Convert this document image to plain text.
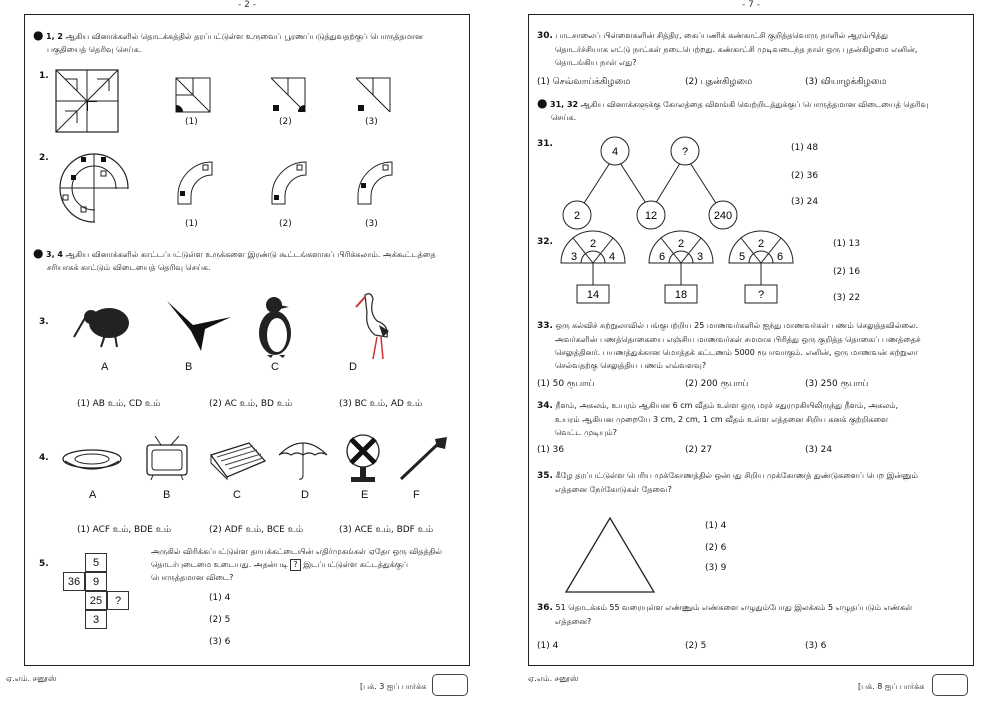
- 2 -
● 1, 2 ஆகிய வினாக்களில் தொடக்கத்தில் தரப்பட்டுள்ள உருவைப் பூரணப்படுத்துவதற்குப் பொருத்தமான
பகுதியைத் தெரிவு செய்க.
1.
(1)	(2)	(3)
2.
(1)	(2)	(3)
● 3, 4 ஆகிய வினாக்களில் காட்டப்பட்டுள்ள உருக்களை இரண்டு கூட்டங்களாகப் பிரிக்கலாம். அக்கூட்டத்தை
சரியாகக் காட்டும் விடையைத் தெரிவு செய்க.
3.
A	B	C	D
(1) AB உம், CD உம்	(2) AC உம், BD உம்	(3) BC உம், AD உம்
4.
A	B	C	D	E	F
(1) ACF உம், BDE உம்	(2) ADF உம், BCE உம்	(3) ACE உம், BDF உம்
5.	5
36	9
25	?
3
அருகில் விரிக்கப்பட்டுள்ள தாயக்கட்டையின் எதிர்முகங்கள் ஏதோ ஒரு விதத்தில்
தொடர்புடைமை உடையது. அதன்படி ? இடப்பட்டுள்ள கட்டத்துக்குப்
பொருத்தமான விடை?
(1) 4
(2) 5
(3) 6
ஏ.எம். சனூஸ்
[பக். 3 ஐப் பார்க்க
- 7 -
30. பாடசாலைப் பிள்ளைகளின் சித்திர, கைப்பணிக் கண்காட்சி குறித்தவொரு நாளில் ஆரம்பித்து
தொடர்ச்சியாக எட்டு நாட்கள் நடைபெற்றது. கண்காட்சி முடிவடைந்த நாள் ஒரு புதன்கிழமை எனின்,
தொடங்கிய நாள் எது?
(1) செவ்வாய்க்கிழமை	(2) புதன்கிழமை	(3) வியாழக்கிழமை
● 31, 32 ஆகிய வினாக்களுக்கு கோலத்தை விளங்கி வெற்றிடத்துக்குப் பொருத்தமான விடையைத் தெரிவு
செய்க.
31.
4	?
2	12	240
(1) 48
(2) 36
(3) 24
32.
3
2
4
14
6
2
3
18
5
2
6
?
(1) 13
(2) 16
(3) 22
33. ஒரு கல்விச் சுற்றுலாவில் பங்குபற்றிய 25 மாணவர்களில் ஐந்து மாணவர்கள் பணம் செலுத்தவில்லை.
அவர்களின் பணத்தொகையை எஞ்சிய மாணவர்கள் சமமாக பிரித்து ஒரு குறித்த தொகைப் பணத்தைச்
செலுத்தினர். பயணத்துக்கான மொத்தக் கட்டணம் 5000 ரூபாவாகும். எனின், ஒரு மாணவன் சுற்றுலா
செல்வதற்கு செலுத்திய பணம் எவ்வளவு?
(1) 50 ரூபாய்	(2) 200 ரூபாய்	(3) 250 ரூபாய்
34. நீளம், அகலம், உயரம் ஆகியன 6 cm வீதம் உள்ள ஒரு மரச் சதுரமுகியிலிருந்து நீளம், அகலம்,
உயரம் ஆகியன முறையே 3 cm, 2 cm, 1 cm வீதம் உள்ள எத்தனை சிறிய கனக் குற்றிகளை
வெட்ட முடியும்?
(1) 36	(2) 27	(3) 24
35. கீழே தரப்பட்டுள்ள பெரிய முக்கோணத்தில் ஒன்பது சிறிய முக்கோணத் துண்டுகளைப் பெற இன்னும்
எத்தனை நேர்கோடுகள் தேவை?
(1) 4
(2) 6
(3) 9
36. 51 தொடக்கம் 55 வரையுள்ள எண்ணும் எண்களை எழுதும்போது இலக்கம் 5 எழுதப்படும் எண்கள்
எத்தனை?
(1) 4	(2) 5	(3) 6
ஏ.எம். சனூஸ்
[பக். 8 ஐப் பார்க்க
